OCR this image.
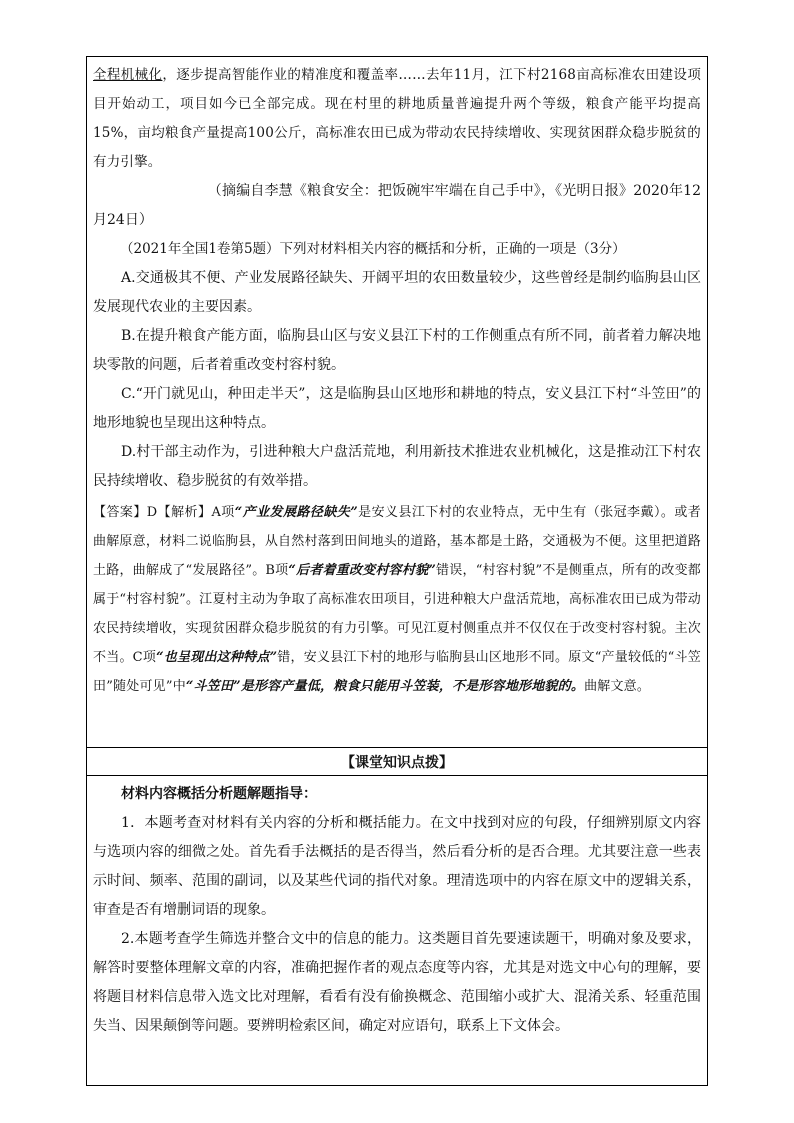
全程机械化，逐步提高智能作业的精准度和覆盖率……去年11月，江下村2168亩高标准农田建设项目开始动工，项目如今已全部完成。现在村里的耕地质量普遍提升两个等级，粮食产能平均提高15%，亩均粮食产量提高100公斤，高标准农田已成为带动农民持续增收、实现贫困群众稳步脱贫的有力引擎。

（摘编自李慧《粮食安全：把饭碗牢牢端在自己手中》，《光明日报》2020年12月24日）

（2021年全国1卷第5题）下列对材料相关内容的概括和分析，正确的一项是（3分）

A.交通极其不便、产业发展路径缺失、开阔平坦的农田数量较少，这些曾经是制约临朐县山区发展现代农业的主要因素。

B.在提升粮食产能方面，临朐县山区与安义县江下村的工作侧重点有所不同，前者着力解决地块零散的问题，后者着重改变村容村貌。

C.“开门就见山，种田走半天”，这是临朐县山区地形和耕地的特点，安义县江下村“斗笠田”的地形地貌也呈现出这种特点。

D.村干部主动作为，引进种粮大户盘活荒地，利用新技术推进农业机械化，这是推动江下村农民持续增收、稳步脱贫的有效举措。

【答案】D【解析】A项“产业发展路径缺失”是安义县江下村的农业特点，无中生有（张冠李戴）。或者曲解原意，材料二说临朐县，从自然村落到田间地头的道路，基本都是土路，交通极为不便。这里把道路土路，曲解成了“发展路径”。B项“后者着重改变村容村貌”错误，“村容村貌”不是侧重点，所有的改变都属于“村容村貌”。江夏村主动为争取了高标准农田项目，引进种粮大户盘活荒地，高标准农田已成为带动农民持续增收，实现贫困群众稳步脱贫的有力引擎。可见江夏村侧重点并不仅仅在于改变村容村貌。主次不当。C项“也呈现出这种特点”错，安义县江下村的地形与临朐县山区地形不同。原文“产量较低的“斗笠田”随处可见”中“斗笠田”是形容产量低，粮食只能用斗笠装，不是形容地形地貌的。曲解文意。

【课堂知识点拨】

材料内容概括分析题解题指导：

1．本题考查对材料有关内容的分析和概括能力。在文中找到对应的句段，仔细辨别原文内容与选项内容的细微之处。首先看手法概括的是否得当，然后看分析的是否合理。尤其要注意一些表示时间、频率、范围的副词，以及某些代词的指代对象。理清选项中的内容在原文中的逻辑关系，审查是否有增删词语的现象。

2.本题考查学生筛选并整合文中的信息的能力。这类题目首先要速读题干，明确对象及要求，解答时要整体理解文章的内容，准确把握作者的观点态度等内容，尤其是对选文中心句的理解，要将题目材料信息带入选文比对理解，看看有没有偷换概念、范围缩小或扩大、混淆关系、轻重范围失当、因果颠倒等问题。要辨明检索区间，确定对应语句，联系上下文体会。
